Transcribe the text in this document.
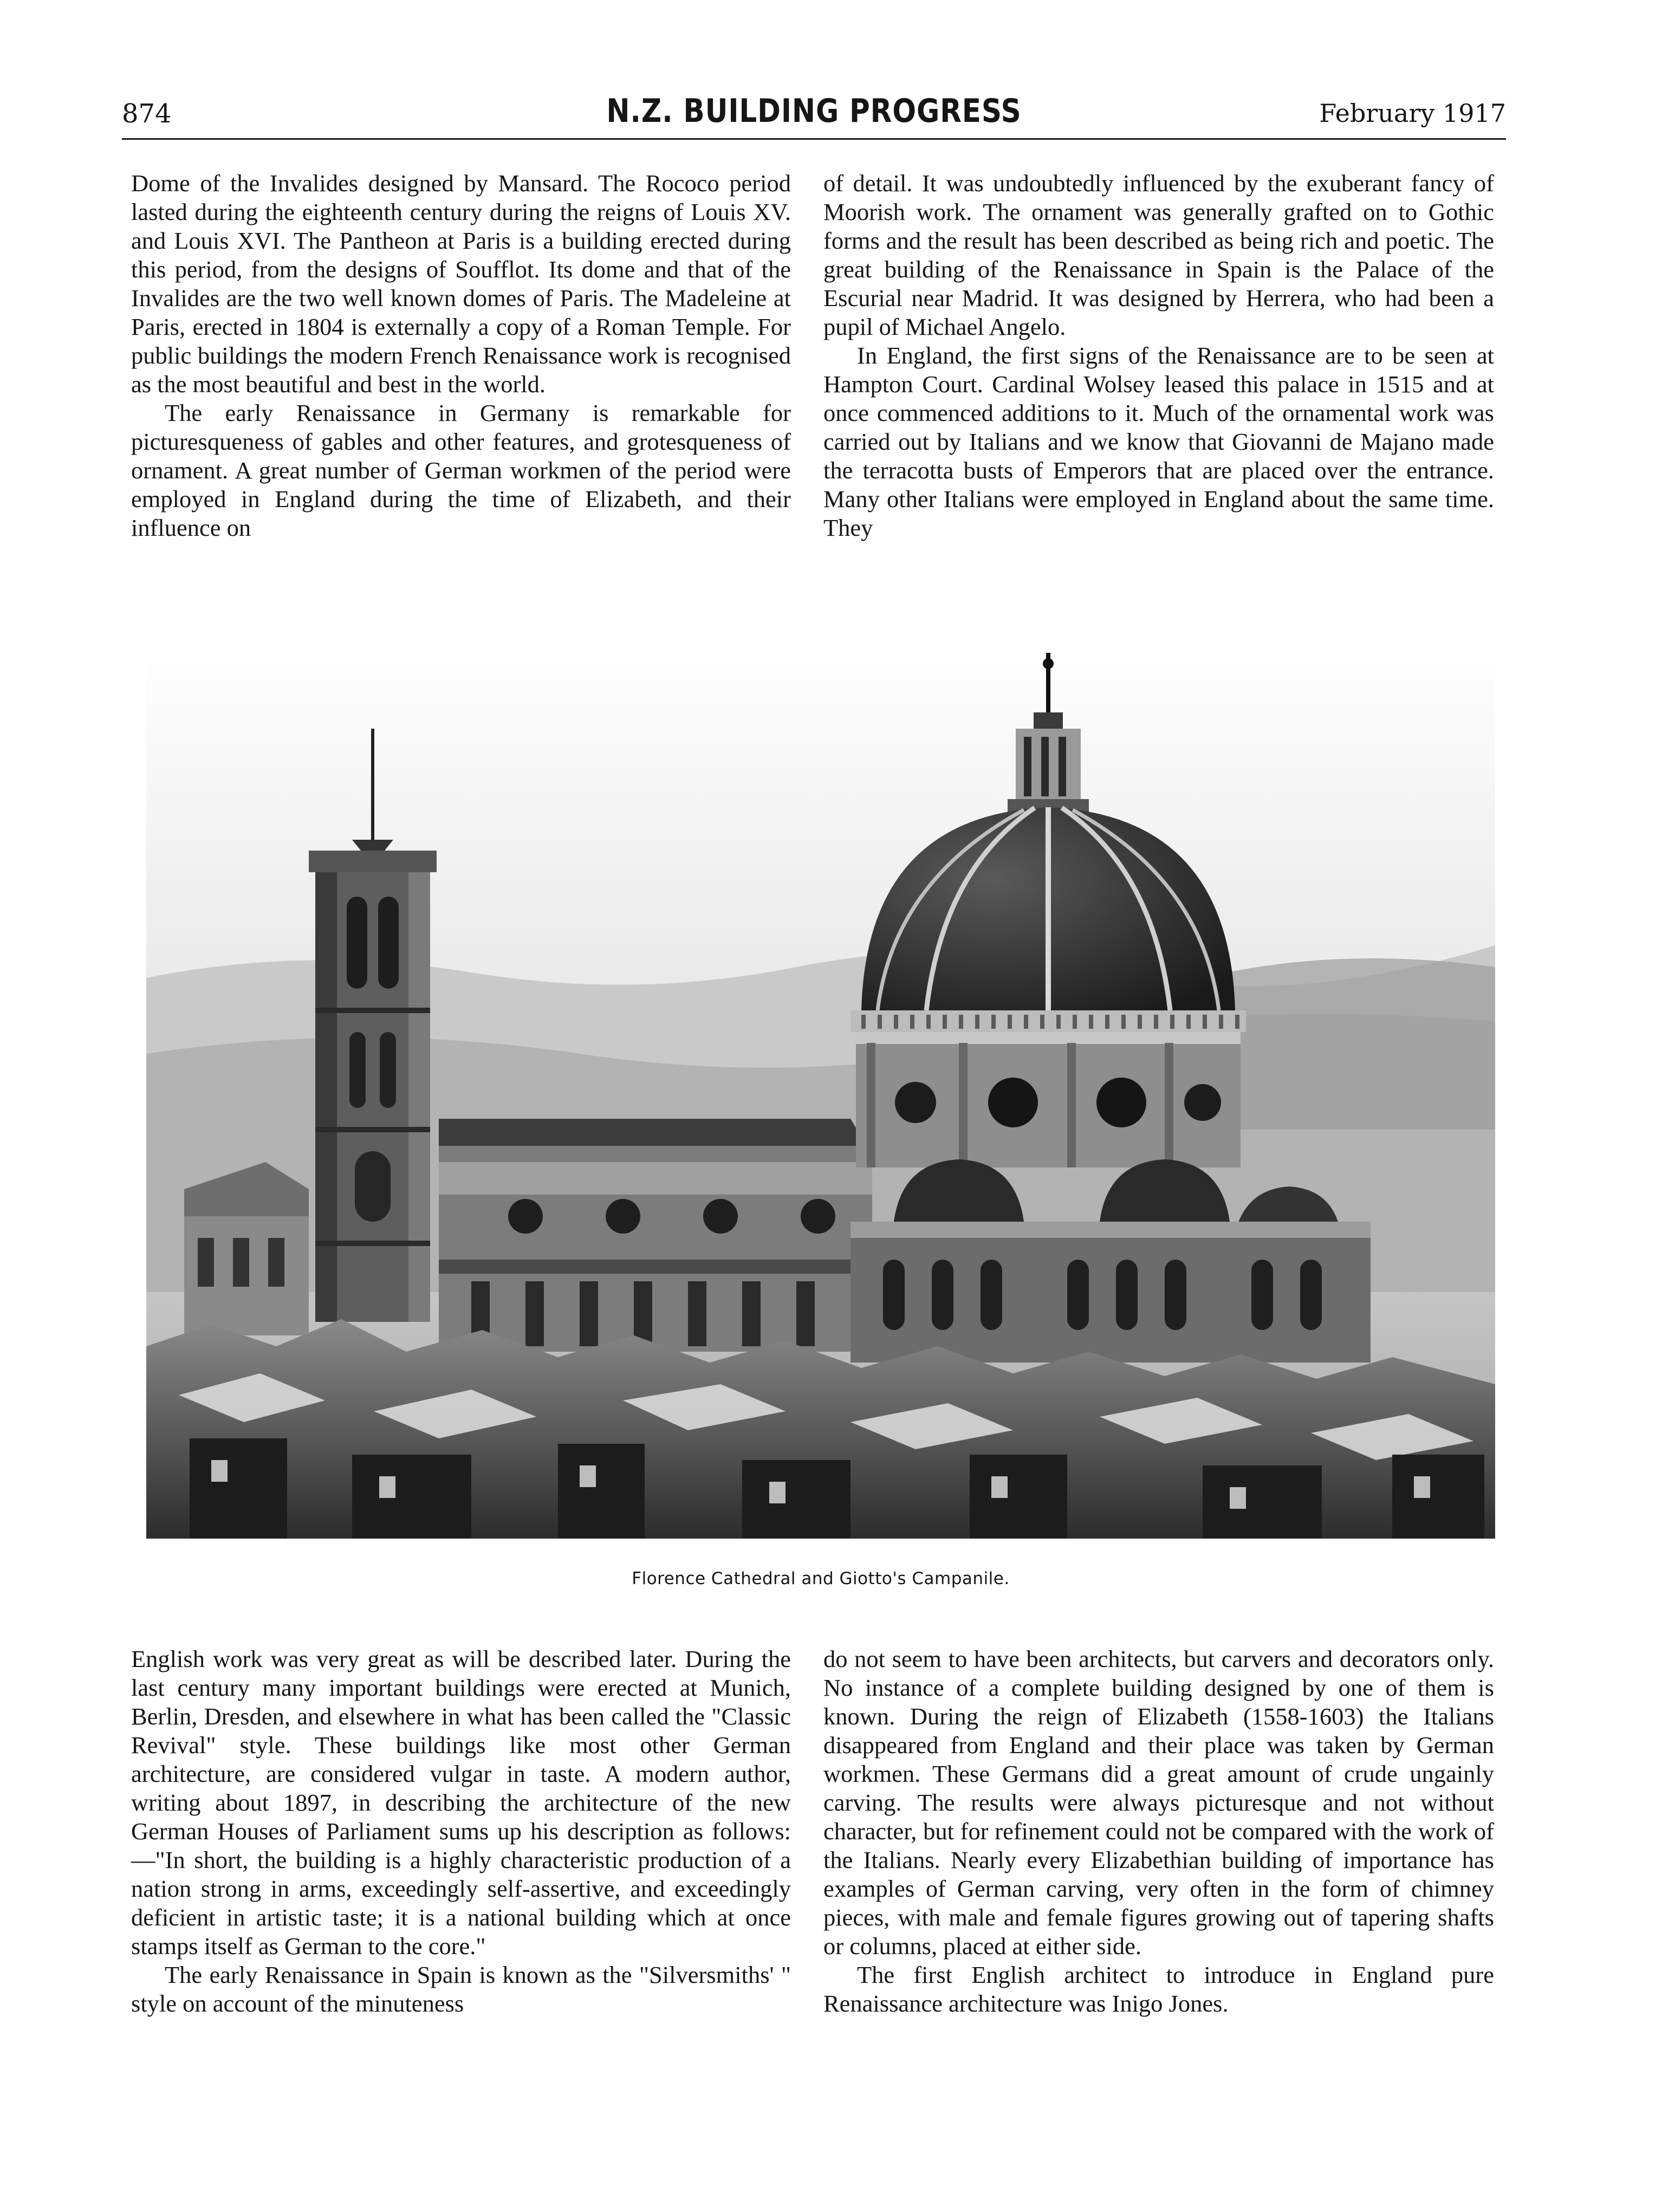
874	N.Z. BUILDING PROGRESS	February 1917

Dome of the Invalides designed by Mansard. The Rococo period lasted during the eighteenth century during the reigns of Louis XV. and Louis XVI. The Pantheon at Paris is a building erected during this period, from the designs of Soufflot. Its dome and that of the Invalides are the two well known domes of Paris. The Madeleine at Paris, erected in 1804 is externally a copy of a Roman Temple. For public buildings the modern French Renaissance work is recognised as the most beautiful and best in the world.

The early Renaissance in Germany is remarkable for picturesqueness of gables and other features, and grotesqueness of ornament. A great number of German workmen of the period were employed in England during the time of Elizabeth, and their influence on

of detail. It was undoubtedly influenced by the exuberant fancy of Moorish work. The ornament was generally grafted on to Gothic forms and the result has been described as being rich and poetic. The great building of the Renaissance in Spain is the Palace of the Escurial near Madrid. It was designed by Herrera, who had been a pupil of Michael Angelo.

In England, the first signs of the Renaissance are to be seen at Hampton Court. Cardinal Wolsey leased this palace in 1515 and at once commenced additions to it. Much of the ornamental work was carried out by Italians and we know that Giovanni de Majano made the terracotta busts of Emperors that are placed over the entrance. Many other Italians were employed in England about the same time. They

Florence Cathedral and Giotto's Campanile.

English work was very great as will be described later. During the last century many important buildings were erected at Munich, Berlin, Dresden, and elsewhere in what has been called the "Classic Revival" style. These buildings like most other German architecture, are considered vulgar in taste. A modern author, writing about 1897, in describing the architecture of the new German Houses of Parliament sums up his description as follows:—"In short, the building is a highly characteristic production of a nation strong in arms, exceedingly self-assertive, and exceedingly deficient in artistic taste; it is a national building which at once stamps itself as German to the core."

The early Renaissance in Spain is known as the "Silversmiths' " style on account of the minuteness

do not seem to have been architects, but carvers and decorators only. No instance of a complete building designed by one of them is known. During the reign of Elizabeth (1558-1603) the Italians disappeared from England and their place was taken by German workmen. These Germans did a great amount of crude ungainly carving. The results were always picturesque and not without character, but for refinement could not be compared with the work of the Italians. Nearly every Elizabethian building of importance has examples of German carving, very often in the form of chimney pieces, with male and female figures growing out of tapering shafts or columns, placed at either side.

The first English architect to introduce in England pure Renaissance architecture was Inigo Jones.
